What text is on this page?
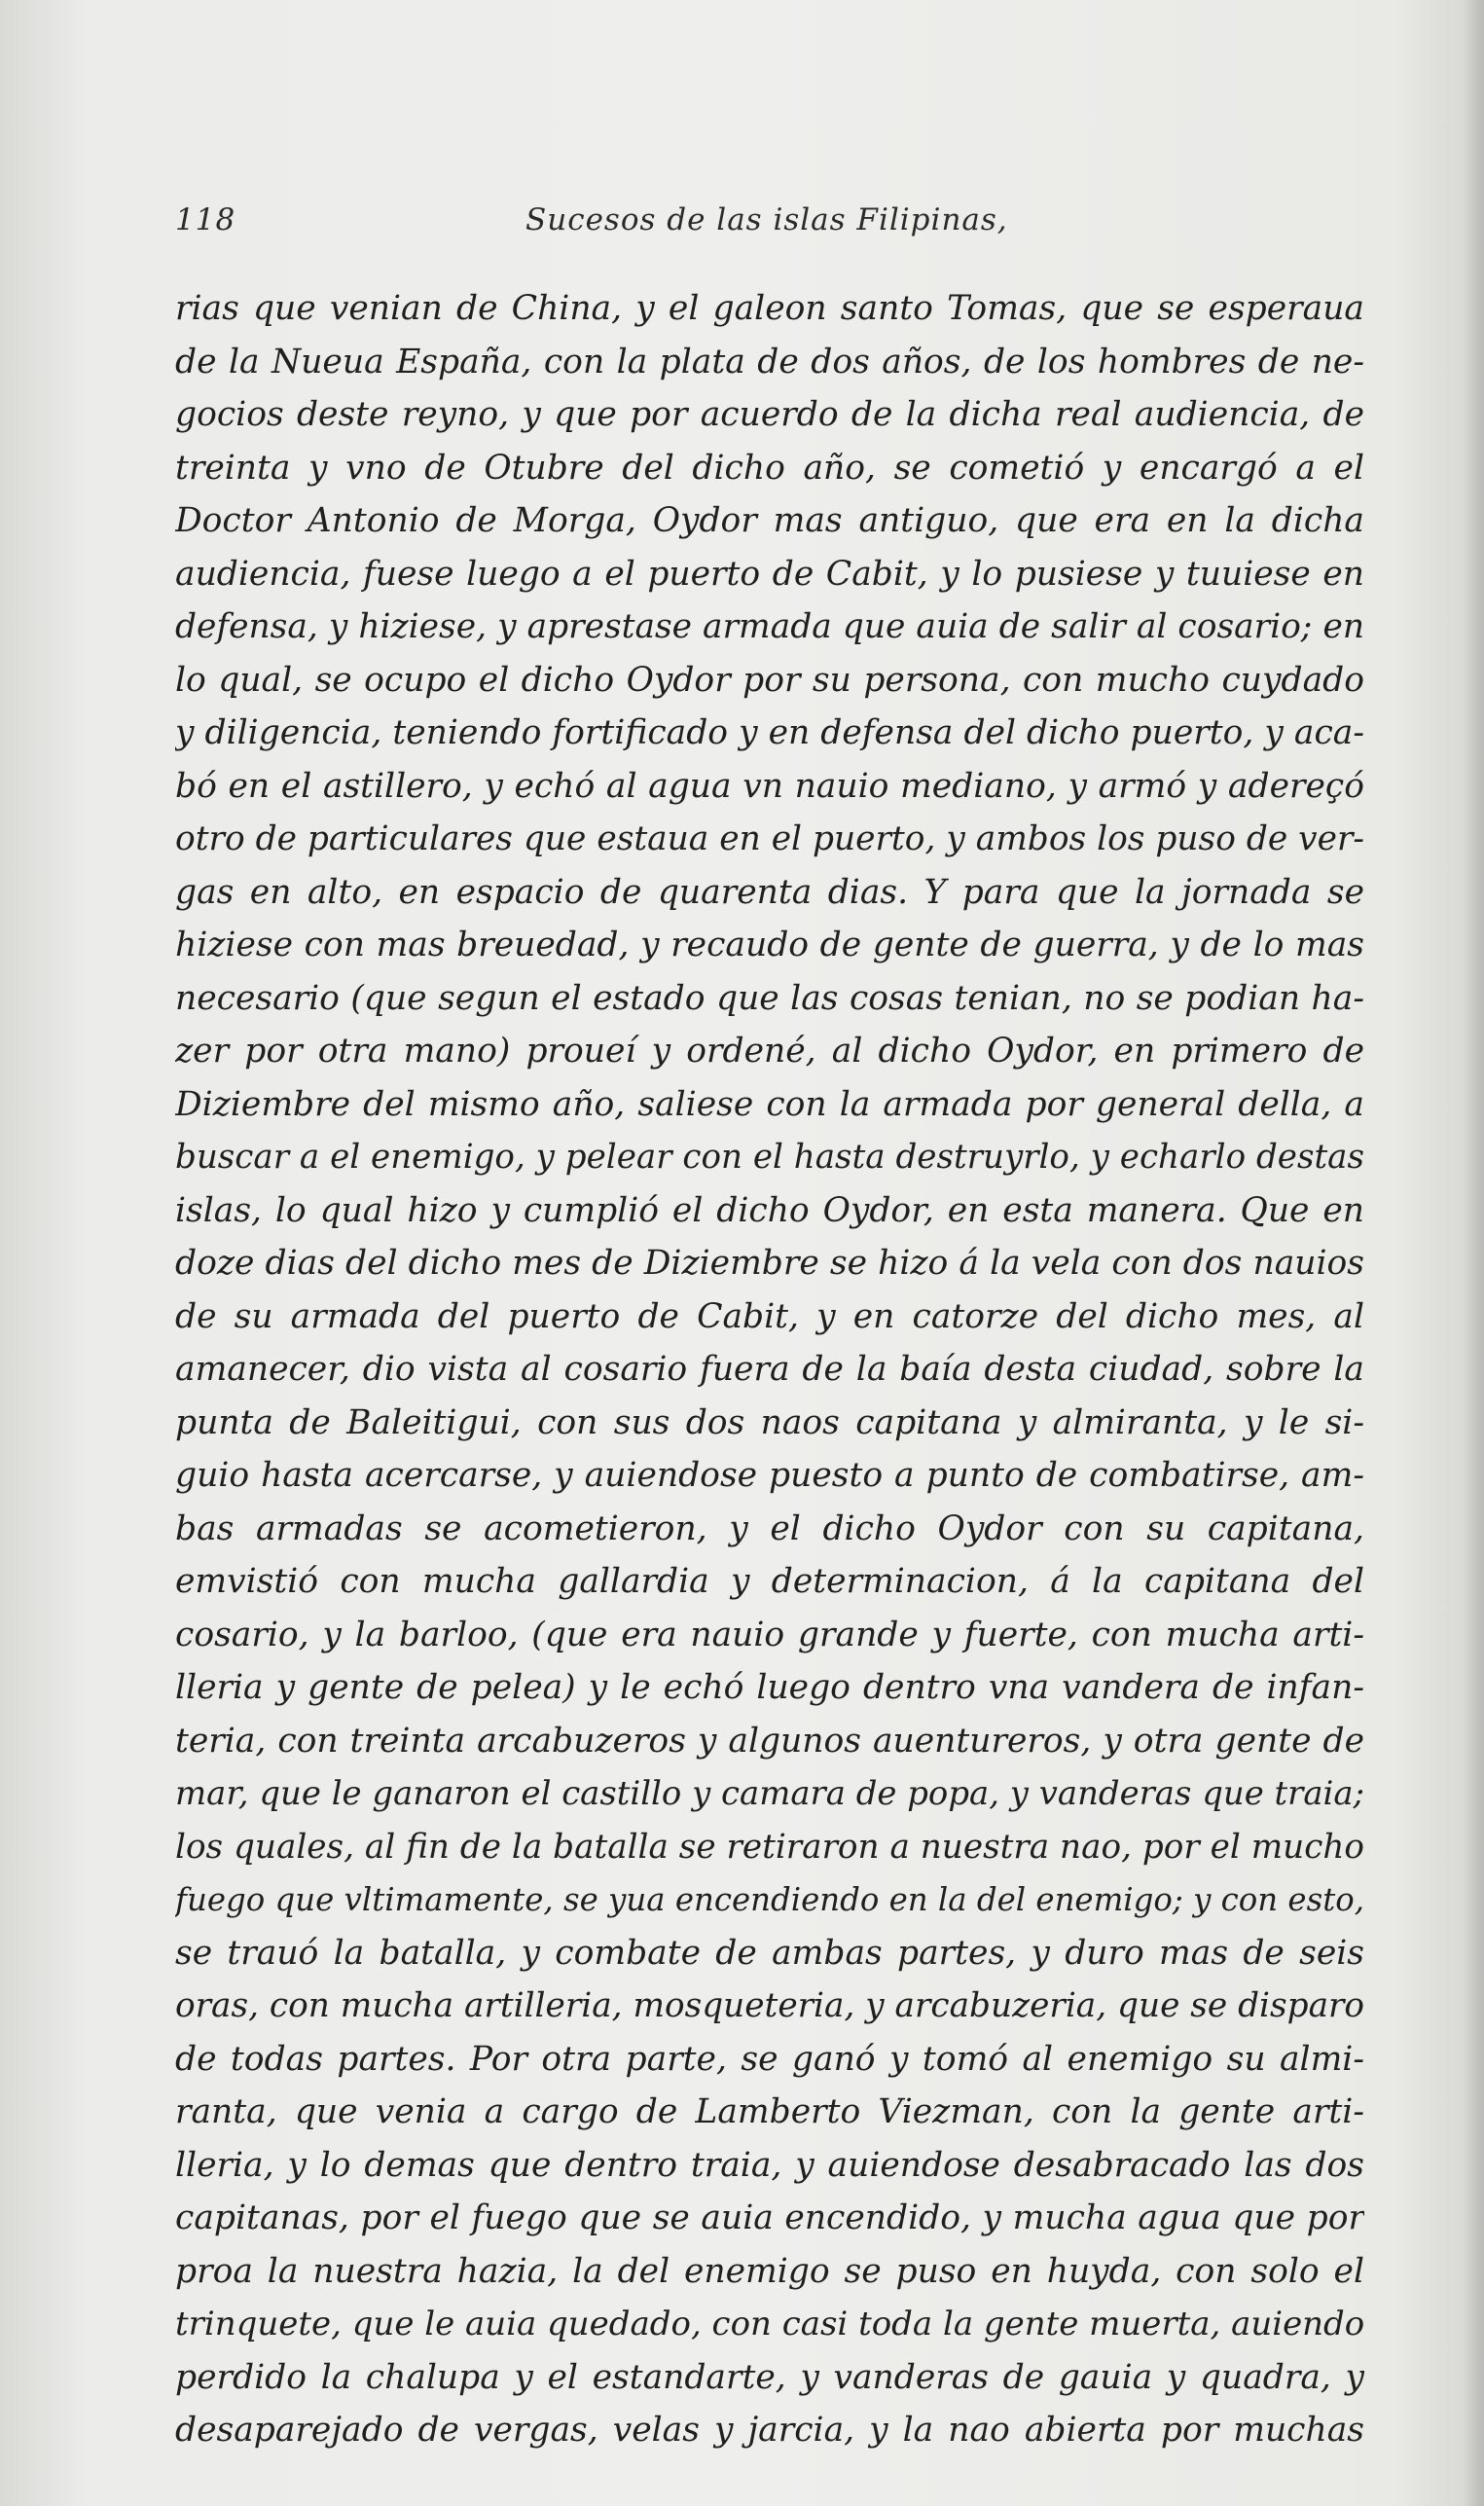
118	Sucesos de las islas Filipinas,
rias que venian de China, y el galeon santo Tomas, que se esperaua
de la Nueua España, con la plata de dos años, de los hombres de ne-
gocios deste reyno, y que por acuerdo de la dicha real audiencia, de
treinta y vno de Otubre del dicho año, se cometió y encargó a el
Doctor Antonio de Morga, Oydor mas antiguo, que era en la dicha
audiencia, fuese luego a el puerto de Cabit, y lo pusiese y tuuiese en
defensa, y hiziese, y aprestase armada que auia de salir al cosario; en
lo qual, se ocupo el dicho Oydor por su persona, con mucho cuydado
y diligencia, teniendo fortificado y en defensa del dicho puerto, y aca-
bó en el astillero, y echó al agua vn nauio mediano, y armó y adereçó
otro de particulares que estaua en el puerto, y ambos los puso de ver-
gas en alto, en espacio de quarenta dias. Y para que la jornada se
hiziese con mas breuedad, y recaudo de gente de guerra, y de lo mas
necesario (que segun el estado que las cosas tenian, no se podian ha-
zer por otra mano) proueí y ordené, al dicho Oydor, en primero de
Diziembre del mismo año, saliese con la armada por general della, a
buscar a el enemigo, y pelear con el hasta destruyrlo, y echarlo destas
islas, lo qual hizo y cumplió el dicho Oydor, en esta manera. Que en
doze dias del dicho mes de Diziembre se hizo á la vela con dos nauios
de su armada del puerto de Cabit, y en catorze del dicho mes, al
amanecer, dio vista al cosario fuera de la baía desta ciudad, sobre la
punta de Baleitigui, con sus dos naos capitana y almiranta, y le si-
guio hasta acercarse, y auiendose puesto a punto de combatirse, am-
bas armadas se acometieron, y el dicho Oydor con su capitana,
emvistió con mucha gallardia y determinacion, á la capitana del
cosario, y la barloo, (que era nauio grande y fuerte, con mucha arti-
lleria y gente de pelea) y le echó luego dentro vna vandera de infan-
teria, con treinta arcabuzeros y algunos auentureros, y otra gente de
mar, que le ganaron el castillo y camara de popa, y vanderas que traia;
los quales, al fin de la batalla se retiraron a nuestra nao, por el mucho
fuego que vltimamente, se yua encendiendo en la del enemigo; y con esto,
se trauó la batalla, y combate de ambas partes, y duro mas de seis
oras, con mucha artilleria, mosqueteria, y arcabuzeria, que se disparo
de todas partes. Por otra parte, se ganó y tomó al enemigo su almi-
ranta, que venia a cargo de Lamberto Viezman, con la gente arti-
lleria, y lo demas que dentro traia, y auiendose desabracado las dos
capitanas, por el fuego que se auia encendido, y mucha agua que por
proa la nuestra hazia, la del enemigo se puso en huyda, con solo el
trinquete, que le auia quedado, con casi toda la gente muerta, auiendo
perdido la chalupa y el estandarte, y vanderas de gauia y quadra, y
desaparejado de vergas, velas y jarcia, y la nao abierta por muchas
